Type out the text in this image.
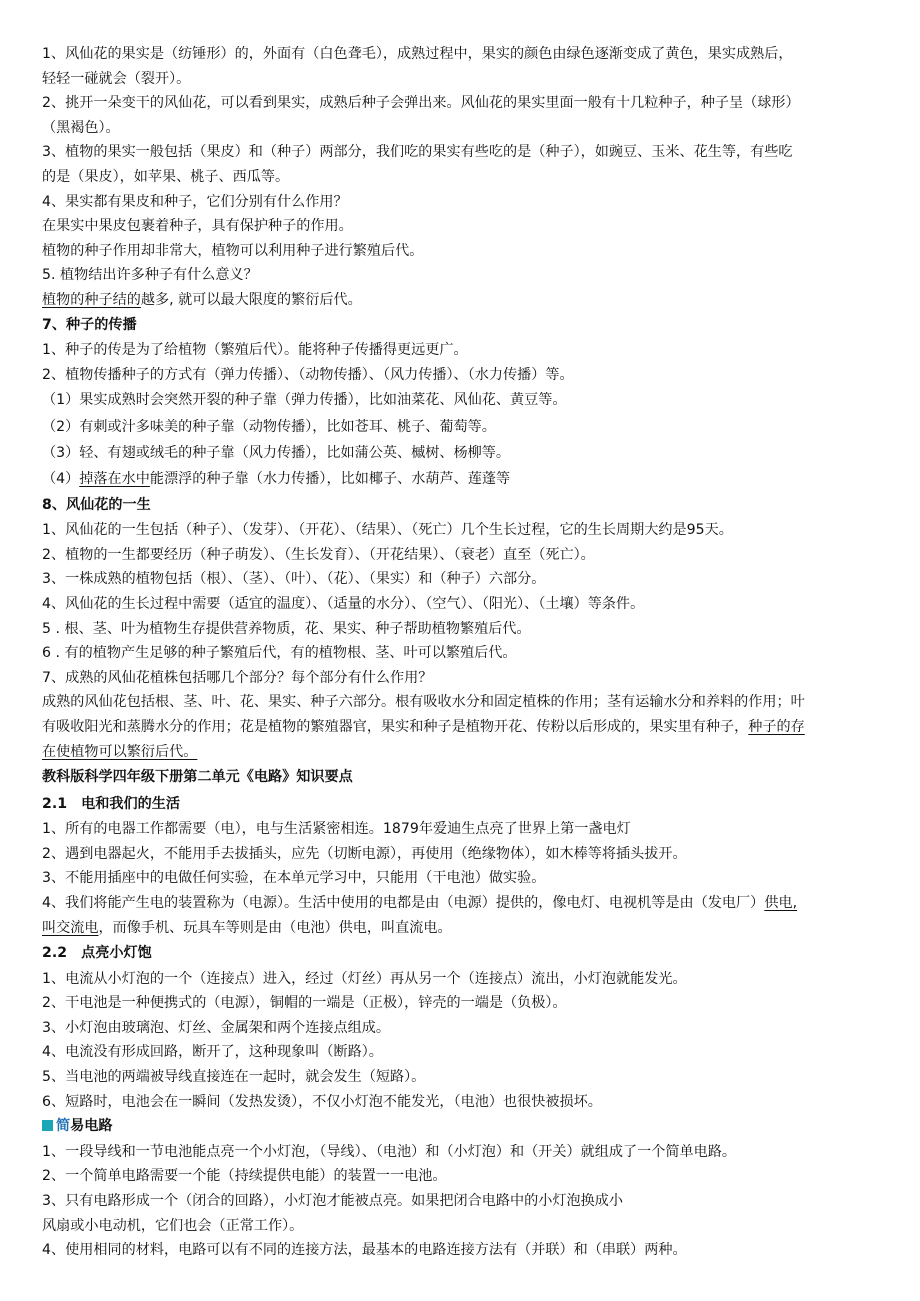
1、风仙花的果实是（纺锤形）的，外面有（白色聋毛），成熟过程中，果实的颜色由绿色逐渐变成了黄色，果实成熟后，
轻轻一碰就会（裂开）。
2、挑开一朵变干的风仙花，可以看到果实，成熟后种子会弹出来。风仙花的果实里面一般有十几粒种子，种子呈（球形）
（黑褐色）。
3、植物的果实一般包括（果皮）和（种子）两部分，我们吃的果实有些吃的是（种子），如豌豆、玉米、花生等，有些吃
的是（果皮），如苹果、桃子、西瓜等。
4、果实都有果皮和种子，它们分别有什么作用？
在果实中果皮包裹着种子，具有保护种子的作用。
植物的种子作用却非常大，植物可以利用种子进行繁殖后代。
5. 植物结出许多种子有什么意义？
植物的种子结的越多, 就可以最大限度的繁衍后代。
7、种子的传播
1、种子的传是为了给植物（繁殖后代）。能将种子传播得更远更广。
2、植物传播种子的方式有（弹力传播）、（动物传播）、（风力传播）、（水力传播）等。
（1）果实成熟时会突然开裂的种子靠（弹力传播），比如油菜花、风仙花、黄豆等。
（2）有刺或汁多味美的种子靠（动物传播），比如苍耳、桃子、葡萄等。
（3）轻、有翅或绒毛的种子靠（风力传播），比如蒲公英、槭树、杨柳等。
（4）掉落在水中能漂浮的种子靠（水力传播），比如椰子、水葫芦、莲蓬等
8、风仙花的一生
1、风仙花的一生包括（种子）、（发芽）、（开花）、（结果）、（死亡）几个生长过程，它的生长周期大约是95天。
2、植物的一生都要经历（种子萌发）、（生长发育）、（开花结果）、（衰老）直至（死亡）。
3、一株成熟的植物包括（根）、（茎）、（叶）、（花）、（果实）和（种子）六部分。
4、风仙花的生长过程中需要（适宜的温度）、（适量的水分）、（空气）、（阳光）、（土壤）等条件。
5 . 根、茎、叶为植物生存提供营养物质，花、果实、种子帮助植物繁殖后代。
6 . 有的植物产生足够的种子繁殖后代，有的植物根、茎、叶可以繁殖后代。
7、成熟的风仙花植株包括哪几个部分？每个部分有什么作用？
成熟的风仙花包括根、茎、叶、花、果实、种子六部分。根有吸收水分和固定植株的作用；茎有运输水分和养料的作用；叶
有吸收阳光和蒸腾水分的作用；花是植物的繁殖器官，果实和种子是植物开花、传粉以后形成的，果实里有种子，种子的存
在使植物可以繁衍后代。
教科版科学四年级下册第二单元《电路》知识要点
2.1　电和我们的生活
1、所有的电器工作都需要（电），电与生活紧密相连。1879年爱迪生点亮了世界上第一盏电灯
2、遇到电器起火，不能用手去拔插头，应先（切断电源），再使用（绝缘物体），如木棒等将插头拔开。
3、不能用插座中的电做任何实验，在本单元学习中，只能用（干电池）做实验。
4、我们将能产生电的装置称为（电源）。生活中使用的电都是由（电源）提供的，像电灯、电视机等是由（发电厂）供电,
叫交流电，而像手机、玩具车等则是由（电池）供电，叫直流电。
2.2　点亮小灯饱
1、电流从小灯泡的一个（连接点）进入，经过（灯丝）再从另一个（连接点）流出，小灯泡就能发光。
2、干电池是一种便携式的（电源），铜帽的一端是（正极），锌壳的一端是（负极）。
3、小灯泡由玻璃泡、灯丝、金属架和两个连接点组成。
4、电流没有形成回路，断开了，这种现象叫（断路）。
5、当电池的两端被导线直接连在一起时，就会发生（短路）。
6、短路时，电池会在一瞬间（发热发烫），不仅小灯泡不能发光，（电池）也很快被损坏。
简易电路
1、一段导线和一节电池能点亮一个小灯泡，（导线）、（电池）和（小灯泡）和（开关）就组成了一个简单电路。
2、一个简单电路需要一个能（持续提供电能）的装置一一电池。
3、只有电路形成一个（闭合的回路），小灯泡才能被点亮。如果把闭合电路中的小灯泡换成小
风扇或小电动机，它们也会（正常工作）。
4、使用相同的材料，电路可以有不同的连接方法，最基本的电路连接方法有（并联）和（串联）两种。
